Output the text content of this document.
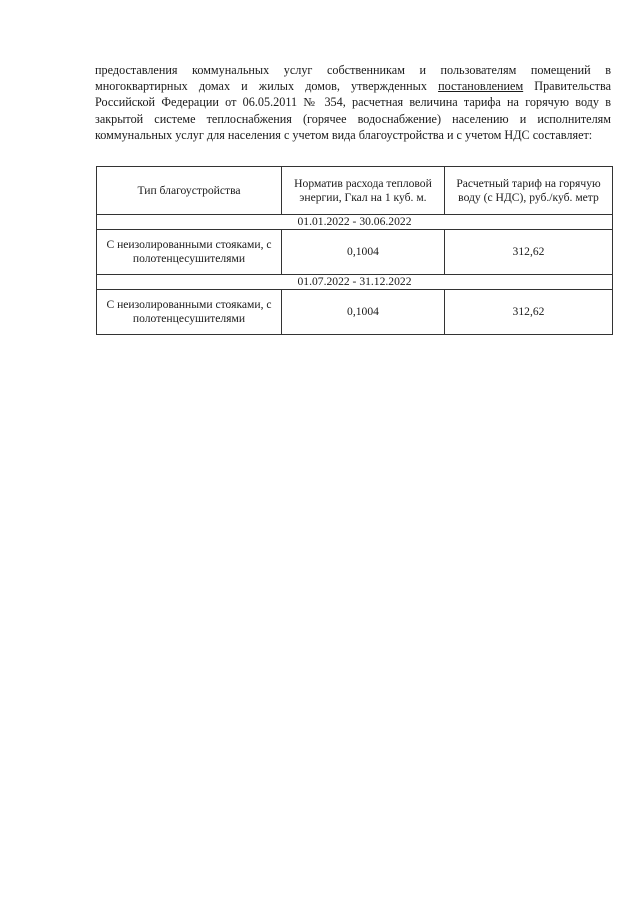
предоставления коммунальных услуг собственникам и пользователям помещений в многоквартирных домах и жилых домов, утвержденных постановлением Правительства Российской Федерации от 06.05.2011 № 354, расчетная величина тарифа на горячую воду в закрытой системе теплоснабжения (горячее водоснабжение) населению и исполнителям коммунальных услуг для населения с учетом вида благоустройства и с учетом НДС составляет:

Тип благоустройства	Норматив расхода тепловой энергии, Гкал на 1 куб. м.	Расчетный тариф на горячую воду (с НДС), руб./куб. метр
01.01.2022 - 30.06.2022		
С неизолированными стояками, с полотенцесушителями	0,1004	312,62
01.07.2022 - 31.12.2022		
С неизолированными стояками, с полотенцесушителями	0,1004	312,62
